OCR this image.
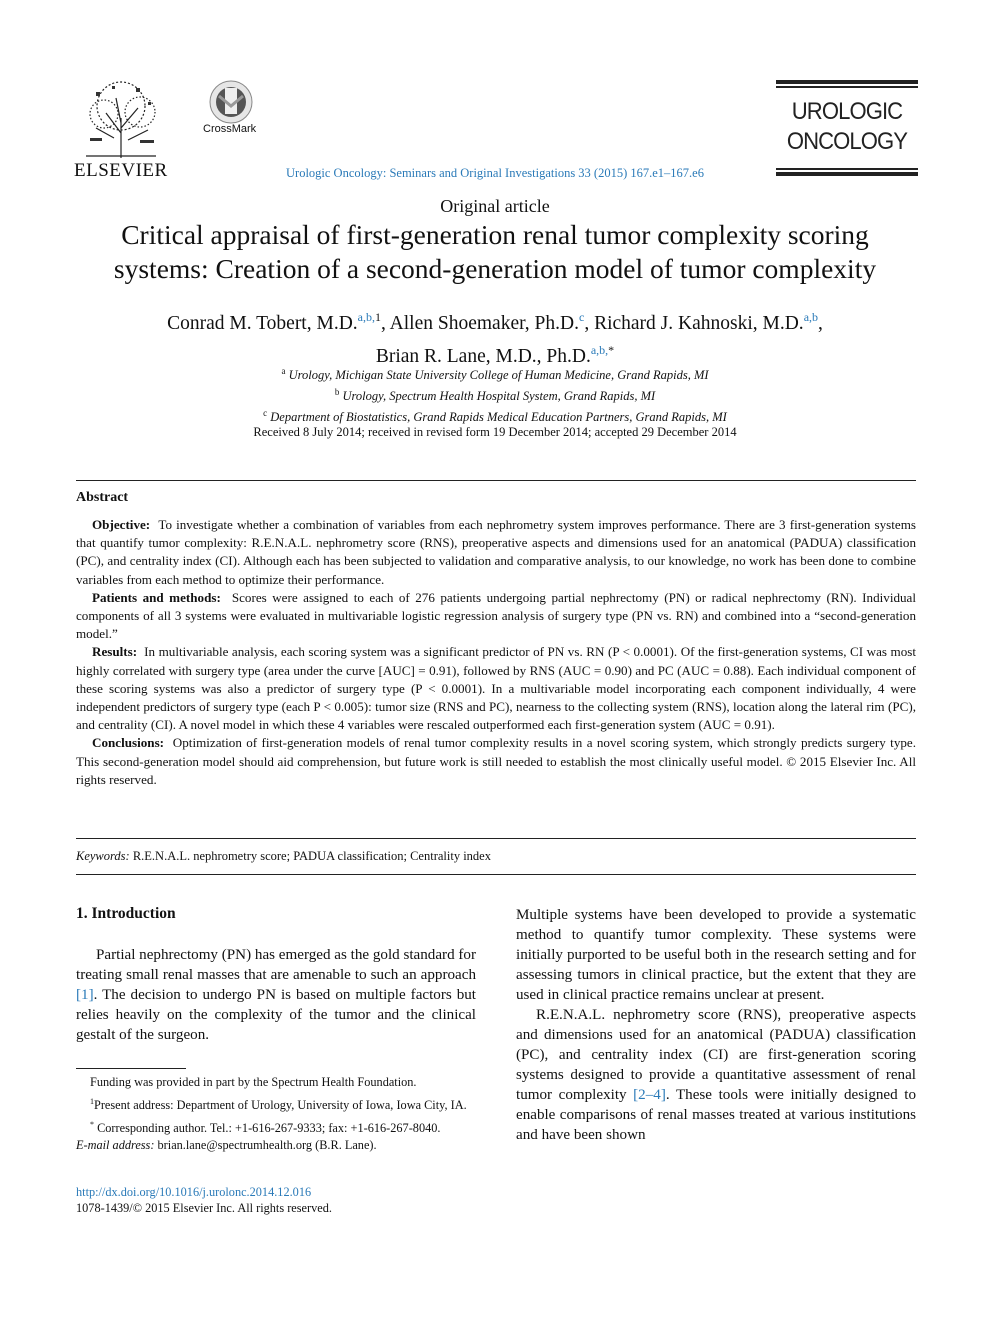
ELSEVIER
CrossMark
Urologic Oncology: Seminars and Original Investigations 33 (2015) 167.e1–167.e6
UROLOGIC
ONCOLOGY
Original article
Critical appraisal of first-generation renal tumor complexity scoring
systems: Creation of a second-generation model of tumor complexity
Conrad M. Tobert, M.D.$^{a,b,1}$, Allen Shoemaker, Ph.D.$^c$, Richard J. Kahnoski, M.D.$^{a,b}$,
Brian R. Lane, M.D., Ph.D.$^{a,b,*}$
$^a$ Urology, Michigan State University College of Human Medicine, Grand Rapids, MI
$^b$ Urology, Spectrum Health Hospital System, Grand Rapids, MI
$^c$ Department of Biostatistics, Grand Rapids Medical Education Partners, Grand Rapids, MI
Received 8 July 2014; received in revised form 19 December 2014; accepted 29 December 2014
Abstract

Objective: To investigate whether a combination of variables from each nephrometry system improves performance. There are 3 first-generation systems that quantify tumor complexity: R.E.N.A.L. nephrometry score (RNS), preoperative aspects and dimensions used for an anatomical (PADUA) classification (PC), and centrality index (CI). Although each has been subjected to validation and comparative analysis, to our knowledge, no work has been done to combine variables from each method to optimize their performance.

Patients and methods: Scores were assigned to each of 276 patients undergoing partial nephrectomy (PN) or radical nephrectomy (RN). Individual components of all 3 systems were evaluated in multivariable logistic regression analysis of surgery type (PN vs. RN) and combined into a “second-generation model.”

Results: In multivariable analysis, each scoring system was a significant predictor of PN vs. RN (P < 0.0001). Of the first-generation systems, CI was most highly correlated with surgery type (area under the curve [AUC] = 0.91), followed by RNS (AUC = 0.90) and PC (AUC = 0.88). Each individual component of these scoring systems was also a predictor of surgery type (P < 0.0001). In a multivariable model incorporating each component individually, 4 were independent predictors of surgery type (each P < 0.005): tumor size (RNS and PC), nearness to the collecting system (RNS), location along the lateral rim (PC), and centrality (CI). A novel model in which these 4 variables were rescaled outperformed each first-generation system (AUC = 0.91).

Conclusions: Optimization of first-generation models of renal tumor complexity results in a novel scoring system, which strongly predicts surgery type. This second-generation model should aid comprehension, but future work is still needed to establish the most clinically useful model. © 2015 Elsevier Inc. All rights reserved.

Keywords: R.E.N.A.L. nephrometry score; PADUA classification; Centrality index
1. Introduction

Partial nephrectomy (PN) has emerged as the gold standard for treating small renal masses that are amenable to such an approach [1]. The decision to undergo PN is based on multiple factors but relies heavily on the complexity of the tumor and the clinical gestalt of the surgeon.

Multiple systems have been developed to provide a systematic method to quantify tumor complexity. These systems were initially purported to be useful both in the research setting and for assessing tumors in clinical practice, but the extent that they are used in clinical practice remains unclear at present.

R.E.N.A.L. nephrometry score (RNS), preoperative aspects and dimensions used for an anatomical (PADUA) classification (PC), and centrality index (CI) are first-generation scoring systems designed to provide a quantitative assessment of renal tumor complexity [2–4]. These tools were initially designed to enable comparisons of renal masses treated at various institutions and have been shown

Funding was provided in part by the Spectrum Health Foundation.

$^1$Present address: Department of Urology, University of Iowa, Iowa City, IA.

* Corresponding author. Tel.: +1-616-267-9333; fax: +1-616-267-8040.
E-mail address: brian.lane@spectrumhealth.org (B.R. Lane).

http://dx.doi.org/10.1016/j.urolonc.2014.12.016
1078-1439/© 2015 Elsevier Inc. All rights reserved.
